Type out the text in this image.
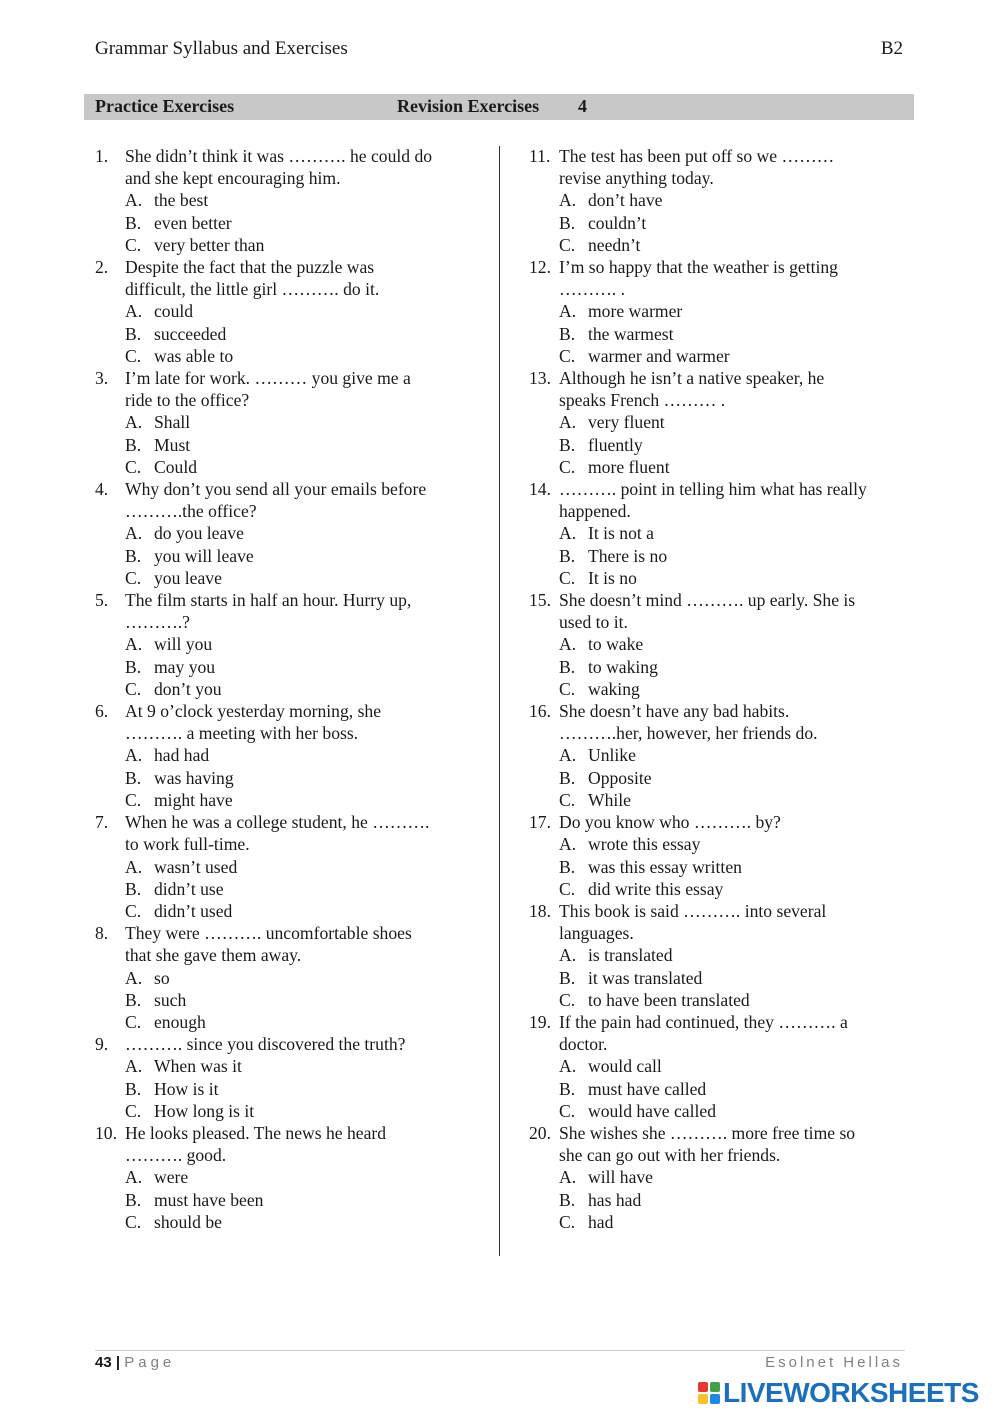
Grammar Syllabus and Exercises	B2
Practice Exercises	Revision Exercises 4
1. She didn’t think it was ………. he could do
and she kept encouraging him.
A. the best
B. even better
C. very better than
2. Despite the fact that the puzzle was
difficult, the little girl ………. do it.
A. could
B. succeeded
C. was able to
3. I’m late for work. ……… you give me a
ride to the office?
A. Shall
B. Must
C. Could
4. Why don’t you send all your emails before
……….the office?
A. do you leave
B. you will leave
C. you leave
5. The film starts in half an hour. Hurry up,
……….?
A. will you
B. may you
C. don’t you
6. At 9 o’clock yesterday morning, she
………. a meeting with her boss.
A. had had
B. was having
C. might have
7. When he was a college student, he ……….
to work full-time.
A. wasn’t used
B. didn’t use
C. didn’t used
8. They were ………. uncomfortable shoes
that she gave them away.
A. so
B. such
C. enough
9. ………. since you discovered the truth?
A. When was it
B. How is it
C. How long is it
10. He looks pleased. The news he heard
………. good.
A. were
B. must have been
C. should be
11. The test has been put off so we ………
revise anything today.
A. don’t have
B. couldn’t
C. needn’t
12. I’m so happy that the weather is getting
………. .
A. more warmer
B. the warmest
C. warmer and warmer
13. Although he isn’t a native speaker, he
speaks French ……… .
A. very fluent
B. fluently
C. more fluent
14. ………. point in telling him what has really
happened.
A. It is not a
B. There is no
C. It is no
15. She doesn’t mind ………. up early. She is
used to it.
A. to wake
B. to waking
C. waking
16. She doesn’t have any bad habits.
……….her, however, her friends do.
A. Unlike
B. Opposite
C. While
17. Do you know who ………. by?
A. wrote this essay
B. was this essay written
C. did write this essay
18. This book is said ………. into several
languages.
A. is translated
B. it was translated
C. to have been translated
19. If the pain had continued, they ………. a
doctor.
A. would call
B. must have called
C. would have called
20. She wishes she ………. more free time so
she can go out with her friends.
A. will have
B. has had
C. had
43 | Page	Esolnet Hellas
LIVEWORKSHEETS
